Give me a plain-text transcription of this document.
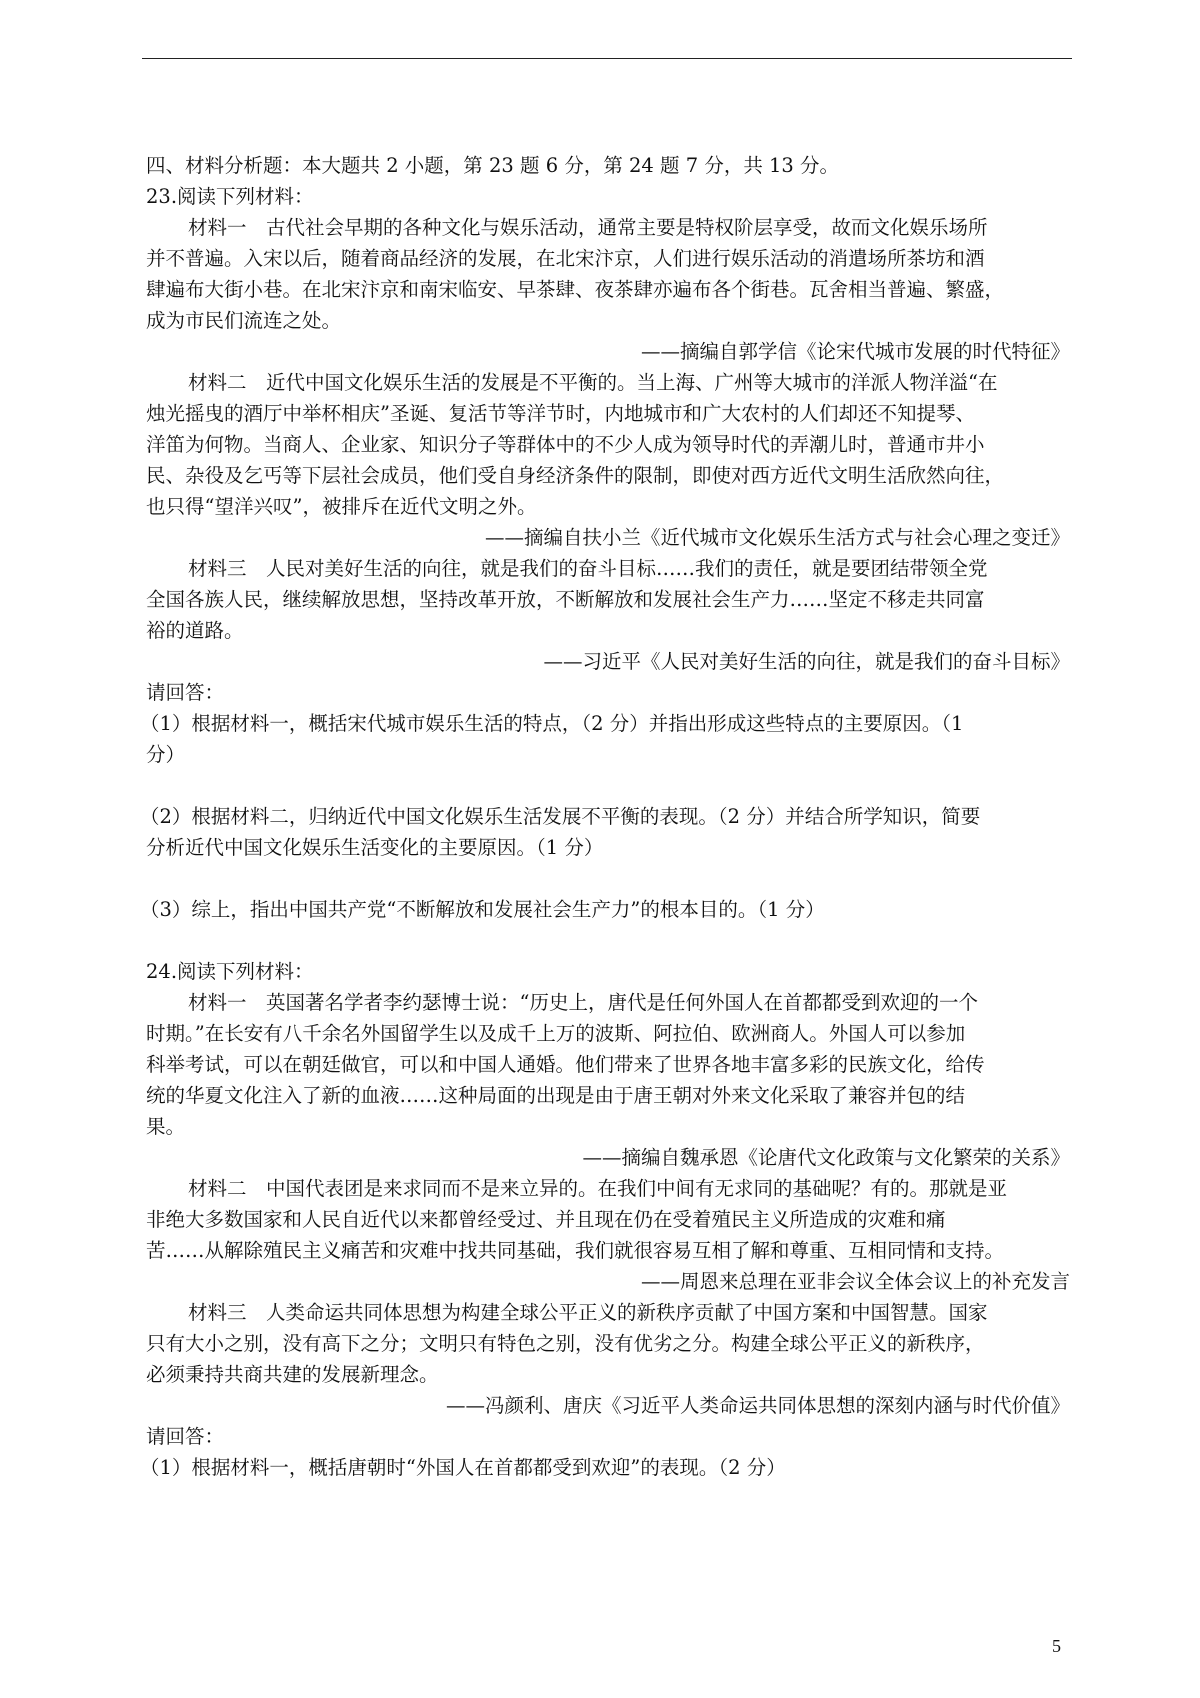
四、材料分析题：本大题共 2 小题，第 23 题 6 分，第 24 题 7 分，共 13 分。
23.阅读下列材料：
材料一　古代社会早期的各种文化与娱乐活动，通常主要是特权阶层享受，故而文化娱乐场所
并不普遍。入宋以后，随着商品经济的发展，在北宋汴京，人们进行娱乐活动的消遣场所茶坊和酒
肆遍布大街小巷。在北宋汴京和南宋临安、早茶肆、夜茶肆亦遍布各个街巷。瓦舍相当普遍、繁盛，
成为市民们流连之处。
——摘编自郭学信《论宋代城市发展的时代特征》
材料二　近代中国文化娱乐生活的发展是不平衡的。当上海、广州等大城市的洋派人物洋溢“在
烛光摇曳的酒厅中举杯相庆”圣诞、复活节等洋节时，内地城市和广大农村的人们却还不知提琴、
洋笛为何物。当商人、企业家、知识分子等群体中的不少人成为领导时代的弄潮儿时，普通市井小
民、杂役及乞丐等下层社会成员，他们受自身经济条件的限制，即使对西方近代文明生活欣然向往，
也只得“望洋兴叹”，被排斥在近代文明之外。
——摘编自扶小兰《近代城市文化娱乐生活方式与社会心理之变迁》
材料三　人民对美好生活的向往，就是我们的奋斗目标……我们的责任，就是要团结带领全党
全国各族人民，继续解放思想，坚持改革开放，不断解放和发展社会生产力……坚定不移走共同富
裕的道路。
——习近平《人民对美好生活的向往，就是我们的奋斗目标》
请回答：
（1）根据材料一，概括宋代城市娱乐生活的特点，（2 分）并指出形成这些特点的主要原因。（1
分）
（2）根据材料二，归纳近代中国文化娱乐生活发展不平衡的表现。（2 分）并结合所学知识，简要
分析近代中国文化娱乐生活变化的主要原因。（1 分）
（3）综上，指出中国共产党“不断解放和发展社会生产力”的根本目的。（1 分）
24.阅读下列材料：
材料一　英国著名学者李约瑟博士说：“历史上，唐代是任何外国人在首都都受到欢迎的一个
时期。”在长安有八千余名外国留学生以及成千上万的波斯、阿拉伯、欧洲商人。外国人可以参加
科举考试，可以在朝廷做官，可以和中国人通婚。他们带来了世界各地丰富多彩的民族文化，给传
统的华夏文化注入了新的血液……这种局面的出现是由于唐王朝对外来文化采取了兼容并包的结
果。
——摘编自魏承恩《论唐代文化政策与文化繁荣的关系》
材料二　中国代表团是来求同而不是来立异的。在我们中间有无求同的基础呢？有的。那就是亚
非绝大多数国家和人民自近代以来都曾经受过、并且现在仍在受着殖民主义所造成的灾难和痛
苦……从解除殖民主义痛苦和灾难中找共同基础，我们就很容易互相了解和尊重、互相同情和支持。
——周恩来总理在亚非会议全体会议上的补充发言
材料三　人类命运共同体思想为构建全球公平正义的新秩序贡献了中国方案和中国智慧。国家
只有大小之别，没有高下之分；文明只有特色之别，没有优劣之分。构建全球公平正义的新秩序，
必须秉持共商共建的发展新理念。
——冯颜利、唐庆《习近平人类命运共同体思想的深刻内涵与时代价值》
请回答：
（1）根据材料一，概括唐朝时“外国人在首都都受到欢迎”的表现。（2 分）
5
